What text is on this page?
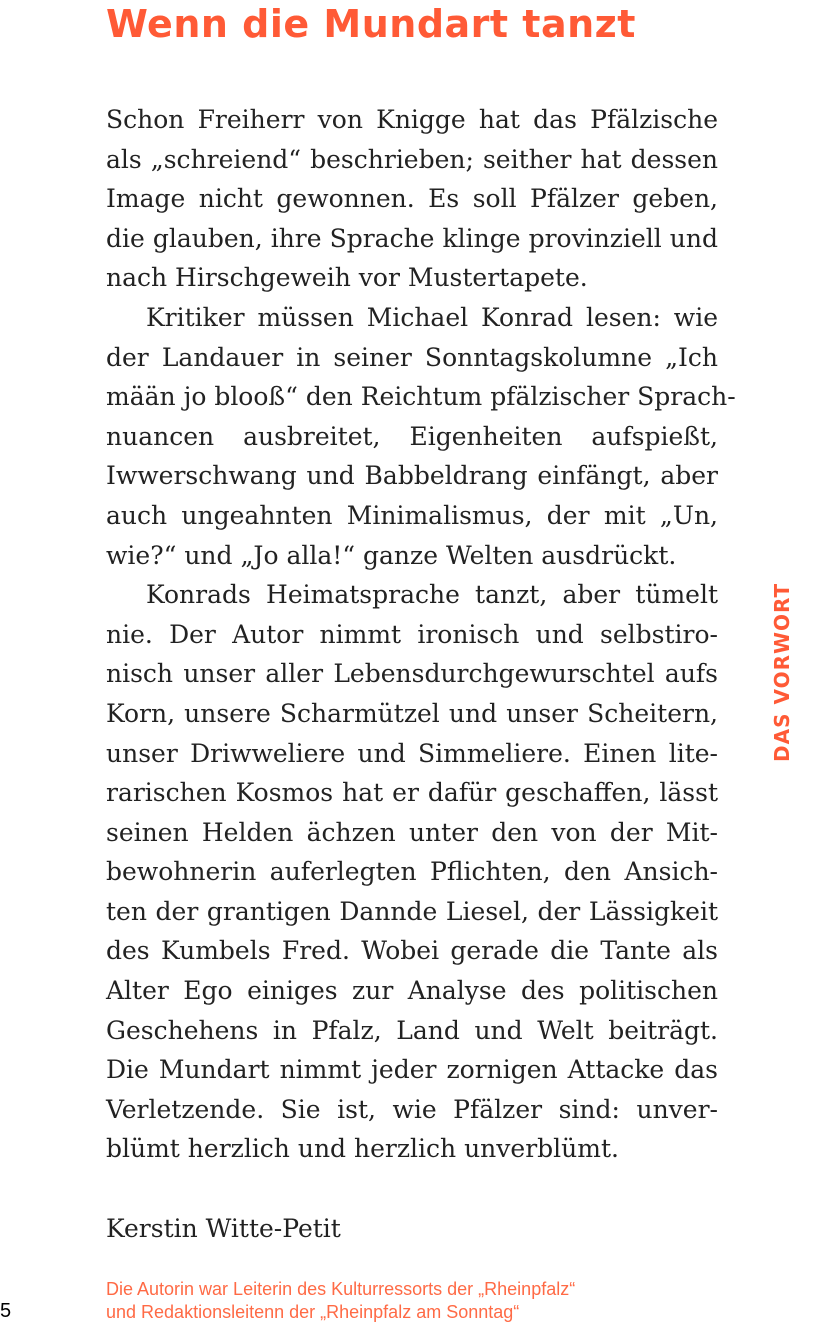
Wenn die Mundart tanzt
Schon Freiherr von Knigge hat das Pfälzische
als „schreiend“ beschrieben; seither hat dessen
Image nicht gewonnen. Es soll Pfälzer geben,
die glauben, ihre Sprache klinge provinziell und
nach Hirschgeweih vor Mustertapete.
Kritiker müssen Michael Konrad lesen: wie
der Landauer in seiner Sonntagskolumne „Ich
mään jo blooß“ den Reichtum pfälzischer Sprach-
nuancen ausbreitet, Eigenheiten aufspießt,
Iwwerschwang und Babbeldrang einfängt, aber
auch ungeahnten Minimalismus, der mit „Un,
wie?“ und „Jo alla!“ ganze Welten ausdrückt.
Konrads Heimatsprache tanzt, aber tümelt
nie. Der Autor nimmt ironisch und selbstiro-
nisch unser aller Lebensdurchgewurschtel aufs
Korn, unsere Scharmützel und unser Scheitern,
unser Driwweliere und Simmeliere. Einen lite-
rarischen Kosmos hat er dafür geschaffen, lässt
seinen Helden ächzen unter den von der Mit-
bewohnerin auferlegten Pflichten, den Ansich-
ten der grantigen Dannde Liesel, der Lässigkeit
des Kumbels Fred. Wobei gerade die Tante als
Alter Ego einiges zur Analyse des politischen
Geschehens in Pfalz, Land und Welt beiträgt.
Die Mundart nimmt jeder zornigen Attacke das
Verletzende. Sie ist, wie Pfälzer sind: unver-
blümt herzlich und herzlich unverblümt.
Kerstin Witte-Petit
Die Autorin war Leiterin des Kulturressorts der „Rheinpfalz“
und Redaktionsleitenn der „Rheinpfalz am Sonntag“
DAS VORWORT
5
